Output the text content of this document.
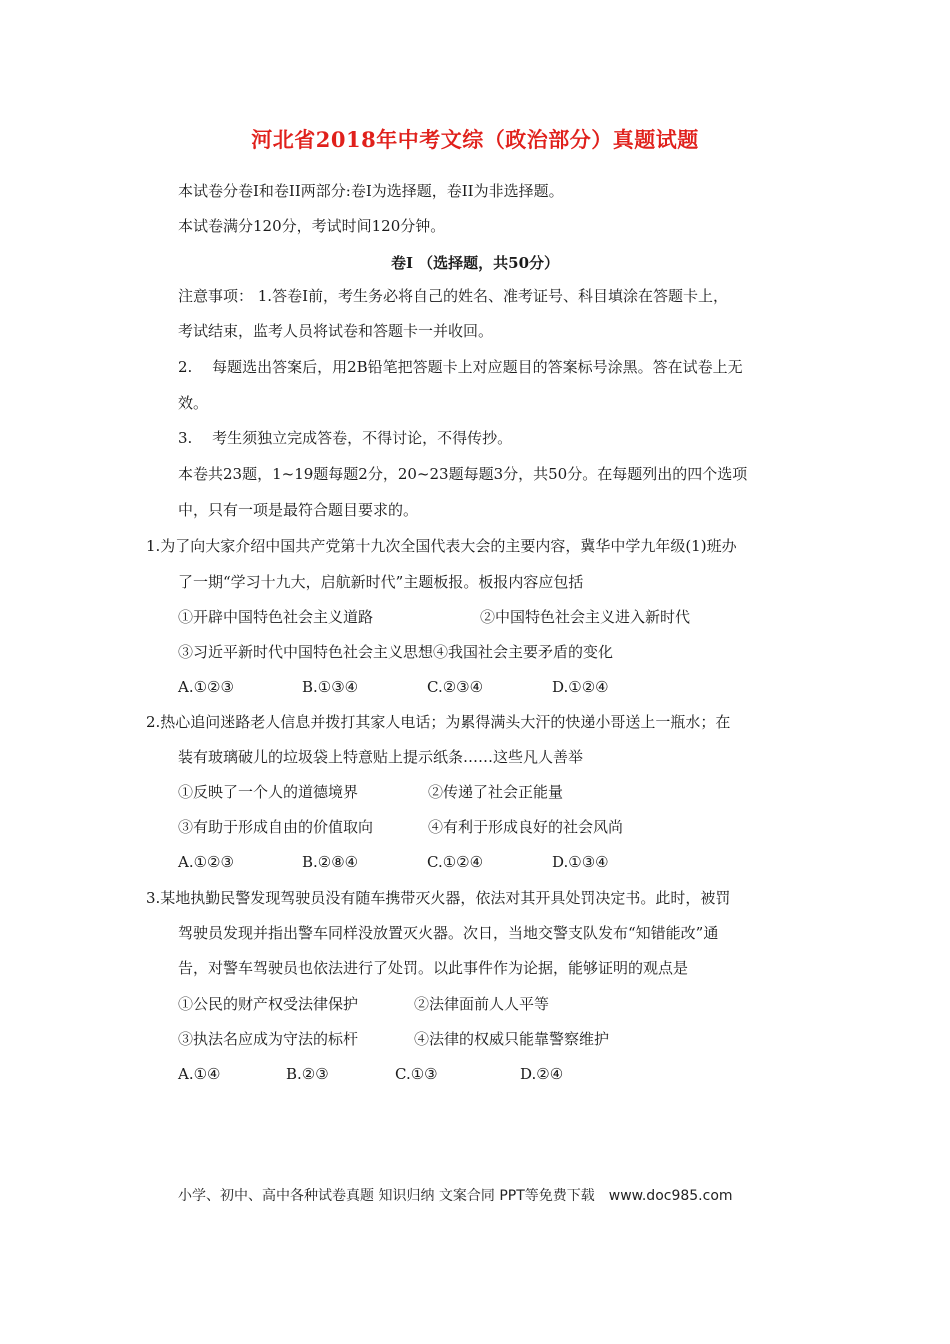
河北省2018年中考文综（政治部分）真题试题
本试卷分卷I和卷II两部分:卷I为选择题，卷II为非选择题。
本试卷满分120分，考试时间120分钟。
卷I （选择题，共50分）
注意事项： 1.答卷I前，考生务必将自己的姓名、准考证号、科目填涂在答题卡上，
考试结束，监考人员将试卷和答题卡一并收回。
2.　 每题选出答案后，用2B铅笔把答题卡上对应题目的答案标号涂黑。答在试卷上无
效。
3.　 考生须独立完成答卷，不得讨论，不得传抄。
本卷共23题，1~19题每题2分，20~23题每题3分，共50分。在每题列出的四个选项
中，只有一项是最符合题目要求的。
1.为了向大家介绍中国共产党第十九次全国代表大会的主要内容，冀华中学九年级(1)班办
了一期“学习十九大，启航新时代”主题板报。板报内容应包括
①开辟中国特色社会主义道路	②中国特色社会主义进入新时代
③习近平新时代中国特色社会主义思想④我国社会主要矛盾的变化
A.①②③	B.①③④	C.②③④	D.①②④
2.热心追问迷路老人信息并拨打其家人电话；为累得满头大汗的快递小哥送上一瓶水；在
装有玻璃破儿的垃圾袋上特意贴上提示纸条……这些凡人善举
①反映了一个人的道德境界	②传递了社会正能量
③有助于形成自由的价值取向	④有利于形成良好的社会风尚
A.①②③	B.②⑧④	C.①②④	D.①③④
3.某地执勤民警发现驾驶员没有随车携带灭火器，依法对其开具处罚决定书。此时，被罚
驾驶员发现并指出警车同样没放置灭火器。次日，当地交警支队发布“知错能改”通
告，对警车驾驶员也依法进行了处罚。以此事件作为论据，能够证明的观点是
①公民的财产权受法律保护	②法律面前人人平等
③执法名应成为守法的标杆	④法律的权威只能靠警察维护
A.①④	B.②③	C.①③	D.②④
小学、初中、高中各种试卷真题 知识归纳 文案合同 PPT等免费下载　www.doc985.com
